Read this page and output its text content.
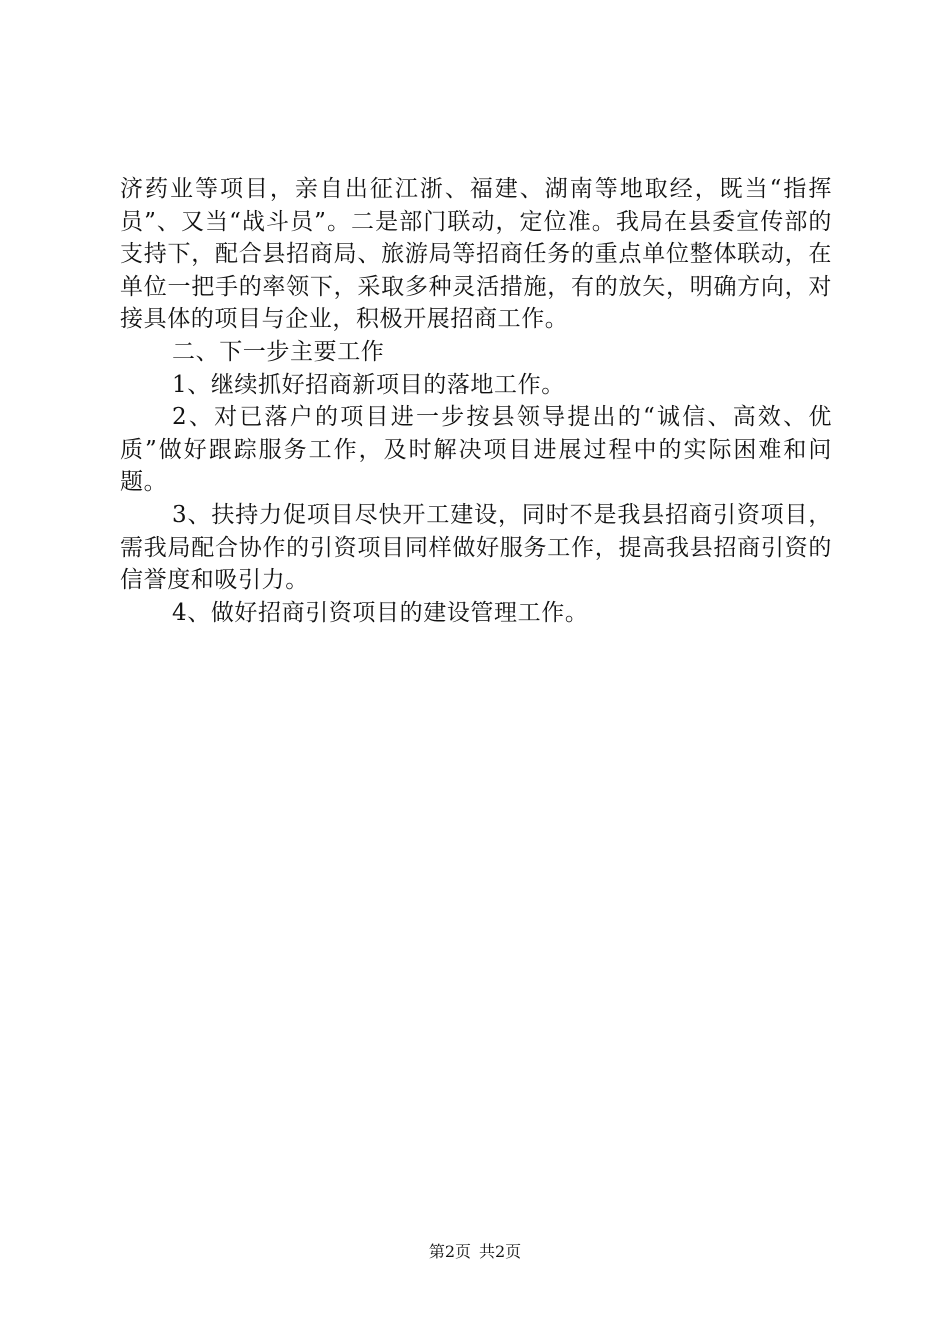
济药业等项目，亲自出征江浙、福建、湖南等地取经，既当“指挥员”、又当“战斗员”。二是部门联动，定位准。我局在县委宣传部的支持下，配合县招商局、旅游局等招商任务的重点单位整体联动，在单位一把手的率领下，采取多种灵活措施，有的放矢，明确方向，对接具体的项目与企业，积极开展招商工作。

二、下一步主要工作

1、继续抓好招商新项目的落地工作。

2、对已落户的项目进一步按县领导提出的“诚信、高效、优质”做好跟踪服务工作，及时解决项目进展过程中的实际困难和问题。

3、扶持力促项目尽快开工建设，同时不是我县招商引资项目，需我局配合协作的引资项目同样做好服务工作，提高我县招商引资的信誉度和吸引力。

4、做好招商引资项目的建设管理工作。

第2页 共2页
